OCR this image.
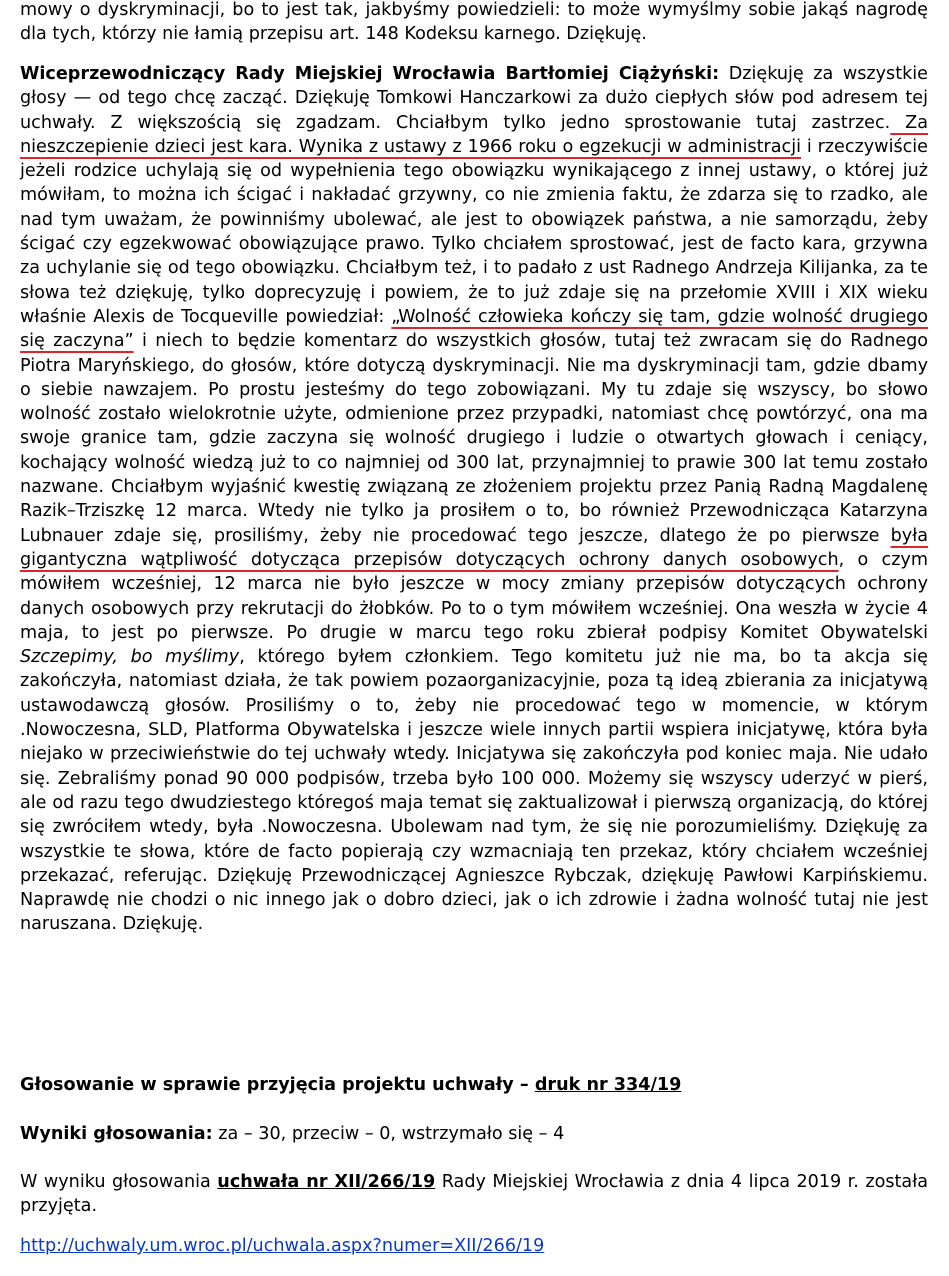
mowy o dyskryminacji, bo to jest tak, jakbyśmy powiedzieli: to może wymyślmy sobie jakąś nagrodę dla tych, którzy nie łamią przepisu art. 148 Kodeksu karnego. Dziękuję.

Wiceprzewodniczący Rady Miejskiej Wrocławia Bartłomiej Ciążyński: Dziękuję za wszystkie głosy — od tego chcę zacząć. Dziękuję Tomkowi Hanczarkowi za dużo ciepłych słów pod adresem tej uchwały. Z większością się zgadzam. Chciałbym tylko jedno sprostowanie tutaj zastrzec. Za nieszczepienie dzieci jest kara. Wynika z ustawy z 1966 roku o egzekucji w administracji i rzeczywiście jeżeli rodzice uchylają się od wypełnienia tego obowiązku wynikającego z innej ustawy, o której już mówiłam, to można ich ścigać i nakładać grzywny, co nie zmienia faktu, że zdarza się to rzadko, ale nad tym uważam, że powinniśmy ubolewać, ale jest to obowiązek państwa, a nie samorządu, żeby ścigać czy egzekwować obowiązujące prawo. Tylko chciałem sprostować, jest de facto kara, grzywna za uchylanie się od tego obowiązku. Chciałbym też, i to padało z ust Radnego Andrzeja Kilijanka, za te słowa też dziękuję, tylko doprecyzuję i powiem, że to już zdaje się na przełomie XVIII i XIX wieku właśnie Alexis de Tocqueville powiedział: „Wolność człowieka kończy się tam, gdzie wolność drugiego się zaczyna” i niech to będzie komentarz do wszystkich głosów, tutaj też zwracam się do Radnego Piotra Maryńskiego, do głosów, które dotyczą dyskryminacji. Nie ma dyskryminacji tam, gdzie dbamy o siebie nawzajem. Po prostu jesteśmy do tego zobowiązani. My tu zdaje się wszyscy, bo słowo wolność zostało wielokrotnie użyte, odmienione przez przypadki, natomiast chcę powtórzyć, ona ma swoje granice tam, gdzie zaczyna się wolność drugiego i ludzie o otwartych głowach i ceniący, kochający wolność wiedzą już to co najmniej od 300 lat, przynajmniej to prawie 300 lat temu zostało nazwane. Chciałbym wyjaśnić kwestię związaną ze złożeniem projektu przez Panią Radną Magdalenę Razik–Trziszkę 12 marca. Wtedy nie tylko ja prosiłem o to, bo również Przewodnicząca Katarzyna Lubnauer zdaje się, prosiliśmy, żeby nie procedować tego jeszcze, dlatego że po pierwsze była gigantyczna wątpliwość dotycząca przepisów dotyczących ochrony danych osobowych, o czym mówiłem wcześniej, 12 marca nie było jeszcze w mocy zmiany przepisów dotyczących ochrony danych osobowych przy rekrutacji do żłobków. Po to o tym mówiłem wcześniej. Ona weszła w życie 4 maja, to jest po pierwsze. Po drugie w marcu tego roku zbierał podpisy Komitet Obywatelski Szczepimy, bo myślimy, którego byłem członkiem. Tego komitetu już nie ma, bo ta akcja się zakończyła, natomiast działa, że tak powiem pozaorganizacyjnie, poza tą ideą zbierania za inicjatywą ustawodawczą głosów. Prosiliśmy o to, żeby nie procedować tego w momencie, w którym .Nowoczesna, SLD, Platforma Obywatelska i jeszcze wiele innych partii wspiera inicjatywę, która była niejako w przeciwieństwie do tej uchwały wtedy. Inicjatywa się zakończyła pod koniec maja. Nie udało się. Zebraliśmy ponad 90 000 podpisów, trzeba było 100 000. Możemy się wszyscy uderzyć w pierś, ale od razu tego dwudziestego któregoś maja temat się zaktualizował i pierwszą organizacją, do której się zwróciłem wtedy, była .Nowoczesna. Ubolewam nad tym, że się nie porozumieliśmy. Dziękuję za wszystkie te słowa, które de facto popierają czy wzmacniają ten przekaz, który chciałem wcześniej przekazać, referując. Dziękuję Przewodniczącej Agnieszce Rybczak, dziękuję Pawłowi Karpińskiemu. Naprawdę nie chodzi o nic innego jak o dobro dzieci, jak o ich zdrowie i żadna wolność tutaj nie jest naruszana. Dziękuję.

Głosowanie w sprawie przyjęcia projektu uchwały – druk nr 334/19

Wyniki głosowania: za – 30, przeciw – 0, wstrzymało się – 4

W wyniku głosowania uchwała nr XII/266/19 Rady Miejskiej Wrocławia z dnia 4 lipca 2019 r. została przyjęta.

http://uchwaly.um.wroc.pl/uchwala.aspx?numer=XII/266/19
